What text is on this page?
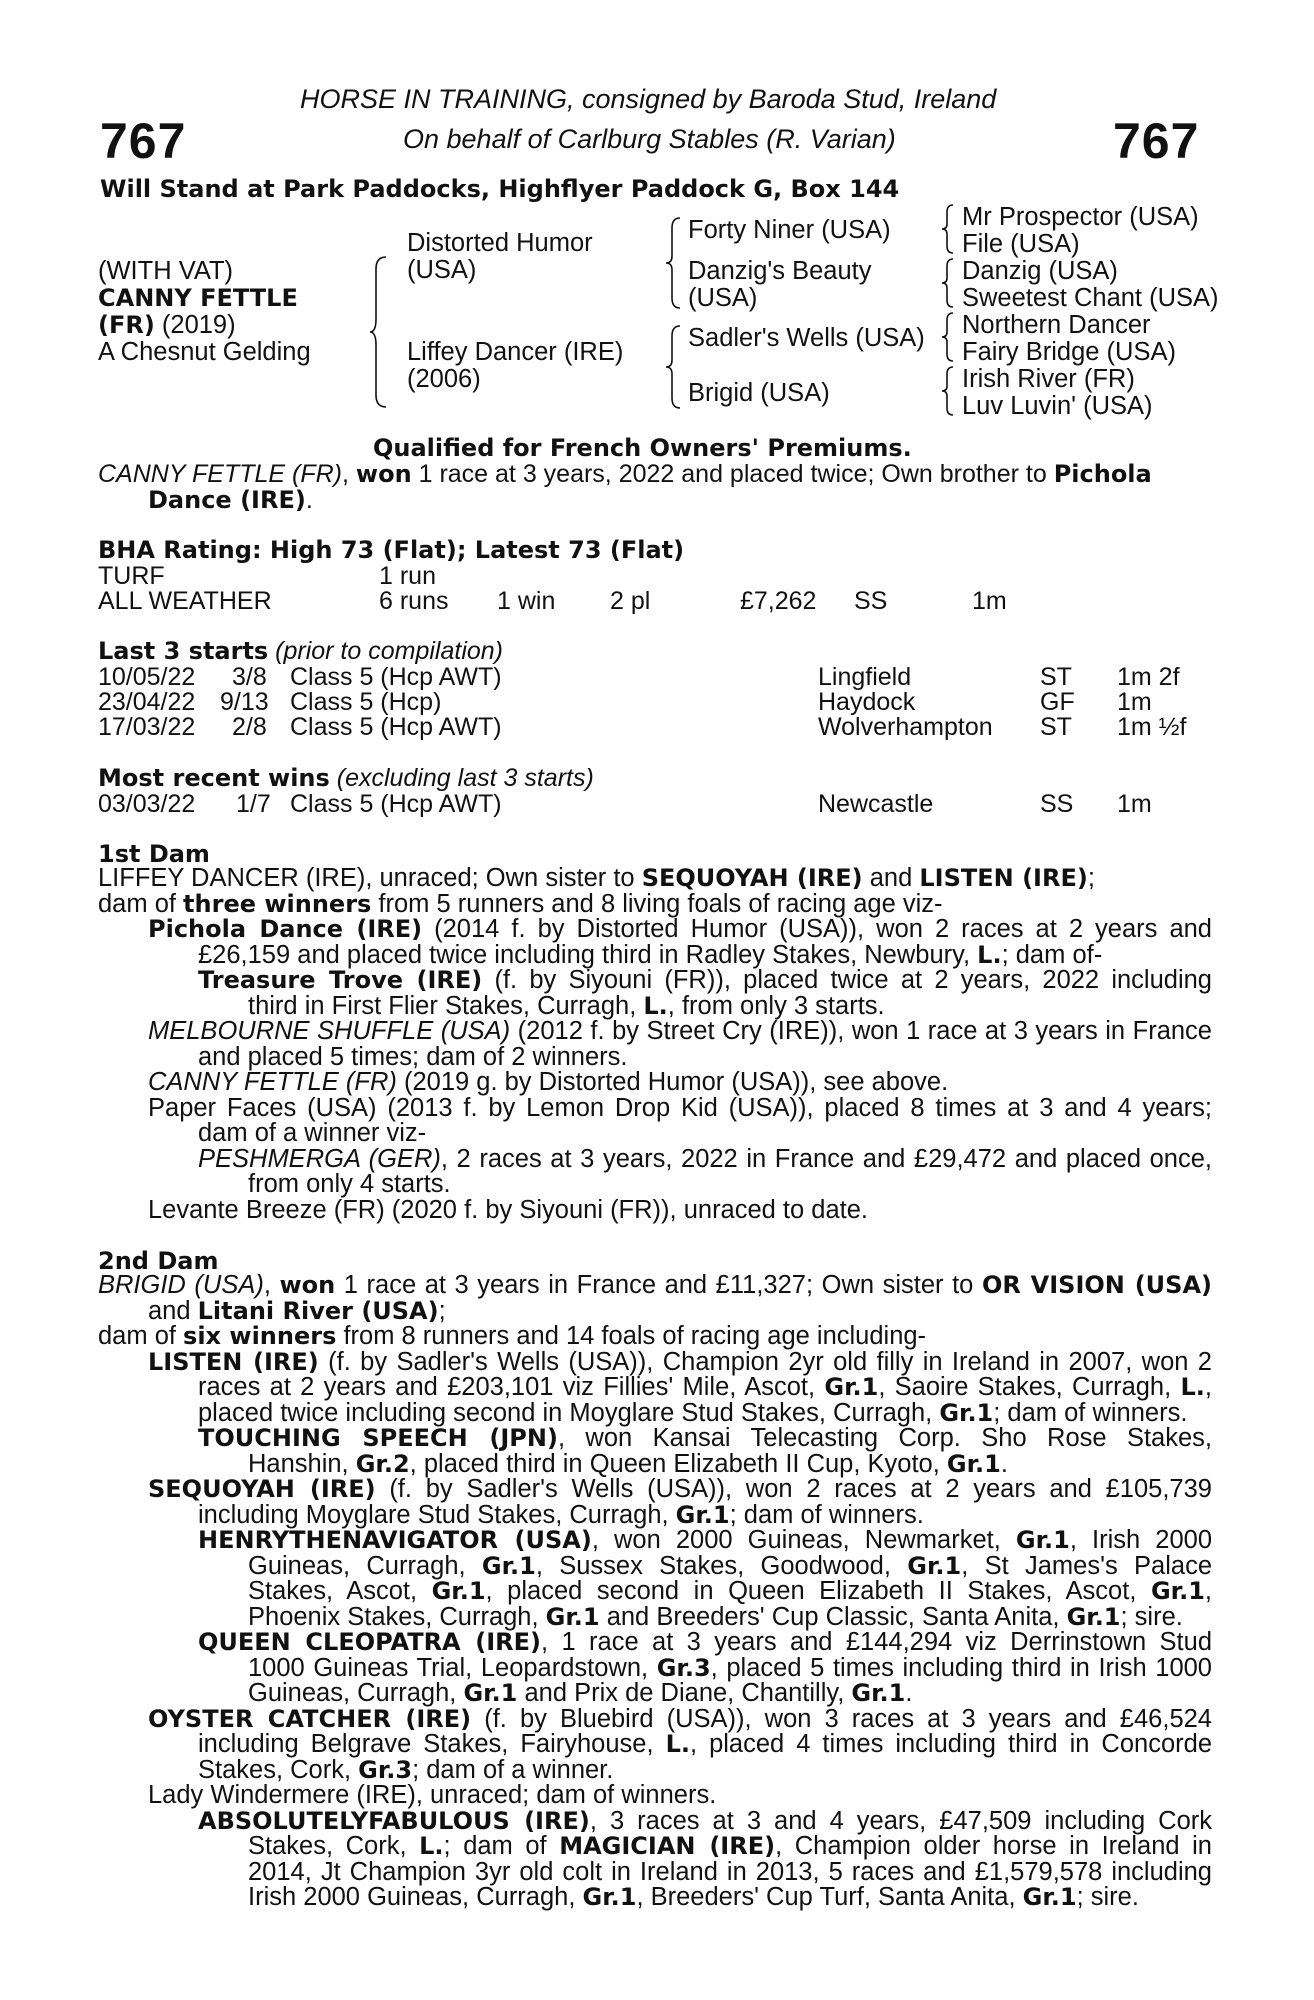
HORSE IN TRAINING, consigned by Baroda Stud, Ireland
On behalf of Carlburg Stables (R. Varian)
767	767
Will Stand at Park Paddocks, Highflyer Paddock G, Box 144
(WITH VAT)
CANNY FETTLE
(FR) (2019)
A Chesnut Gelding
Distorted Humor
(USA)
Liffey Dancer (IRE)
(2006)
Forty Niner (USA)
Danzig's Beauty
(USA)
Sadler's Wells (USA)
Brigid (USA)
Mr Prospector (USA)
File (USA)
Danzig (USA)
Sweetest Chant (USA)
Northern Dancer
Fairy Bridge (USA)
Irish River (FR)
Luv Luvin' (USA)
Qualified for French Owners' Premiums.
CANNY FETTLE (FR), won 1 race at 3 years, 2022 and placed twice; Own brother to Pichola
Dance (IRE).
BHA Rating: High 73 (Flat); Latest 73 (Flat)
TURF	1 run
ALL WEATHER	6 runs 1 win 2 pl	£7,262 SS	1m
Last 3 starts (prior to compilation)
10/05/22 3/8 Class 5 (Hcp AWT)	Lingfield	ST 1m 2f
23/04/22 9/13 Class 5 (Hcp)	Haydock	GF 1m
17/03/22 2/8 Class 5 (Hcp AWT)	Wolverhampton ST 1m ½f
Most recent wins (excluding last 3 starts)
03/03/22 1/7 Class 5 (Hcp AWT)	Newcastle	SS 1m
1st Dam
LIFFEY DANCER (IRE), unraced; Own sister to SEQUOYAH (IRE) and LISTEN (IRE);
dam of three winners from 5 runners and 8 living foals of racing age viz-
Pichola Dance (IRE) (2014 f. by Distorted Humor (USA)), won 2 races at 2 years and
£26,159 and placed twice including third in Radley Stakes, Newbury, L.; dam of-
Treasure Trove (IRE) (f. by Siyouni (FR)), placed twice at 2 years, 2022 including
third in First Flier Stakes, Curragh, L., from only 3 starts.
MELBOURNE SHUFFLE (USA) (2012 f. by Street Cry (IRE)), won 1 race at 3 years in France
and placed 5 times; dam of 2 winners.
CANNY FETTLE (FR) (2019 g. by Distorted Humor (USA)), see above.
Paper Faces (USA) (2013 f. by Lemon Drop Kid (USA)), placed 8 times at 3 and 4 years;
dam of a winner viz-
PESHMERGA (GER), 2 races at 3 years, 2022 in France and £29,472 and placed once,
from only 4 starts.
Levante Breeze (FR) (2020 f. by Siyouni (FR)), unraced to date.
2nd Dam
BRIGID (USA), won 1 race at 3 years in France and £11,327; Own sister to OR VISION (USA)
and Litani River (USA);
dam of six winners from 8 runners and 14 foals of racing age including-
LISTEN (IRE) (f. by Sadler's Wells (USA)), Champion 2yr old filly in Ireland in 2007, won 2
races at 2 years and £203,101 viz Fillies' Mile, Ascot, Gr.1, Saoire Stakes, Curragh, L.,
placed twice including second in Moyglare Stud Stakes, Curragh, Gr.1; dam of winners.
TOUCHING SPEECH (JPN), won Kansai Telecasting Corp. Sho Rose Stakes,
Hanshin, Gr.2, placed third in Queen Elizabeth II Cup, Kyoto, Gr.1.
SEQUOYAH (IRE) (f. by Sadler's Wells (USA)), won 2 races at 2 years and £105,739
including Moyglare Stud Stakes, Curragh, Gr.1; dam of winners.
HENRYTHENAVIGATOR (USA), won 2000 Guineas, Newmarket, Gr.1, Irish 2000
Guineas, Curragh, Gr.1, Sussex Stakes, Goodwood, Gr.1, St James's Palace
Stakes, Ascot, Gr.1, placed second in Queen Elizabeth II Stakes, Ascot, Gr.1,
Phoenix Stakes, Curragh, Gr.1 and Breeders' Cup Classic, Santa Anita, Gr.1; sire.
QUEEN CLEOPATRA (IRE), 1 race at 3 years and £144,294 viz Derrinstown Stud
1000 Guineas Trial, Leopardstown, Gr.3, placed 5 times including third in Irish 1000
Guineas, Curragh, Gr.1 and Prix de Diane, Chantilly, Gr.1.
OYSTER CATCHER (IRE) (f. by Bluebird (USA)), won 3 races at 3 years and £46,524
including Belgrave Stakes, Fairyhouse, L., placed 4 times including third in Concorde
Stakes, Cork, Gr.3; dam of a winner.
Lady Windermere (IRE), unraced; dam of winners.
ABSOLUTELYFABULOUS (IRE), 3 races at 3 and 4 years, £47,509 including Cork
Stakes, Cork, L.; dam of MAGICIAN (IRE), Champion older horse in Ireland in
2014, Jt Champion 3yr old colt in Ireland in 2013, 5 races and £1,579,578 including
Irish 2000 Guineas, Curragh, Gr.1, Breeders' Cup Turf, Santa Anita, Gr.1; sire.
